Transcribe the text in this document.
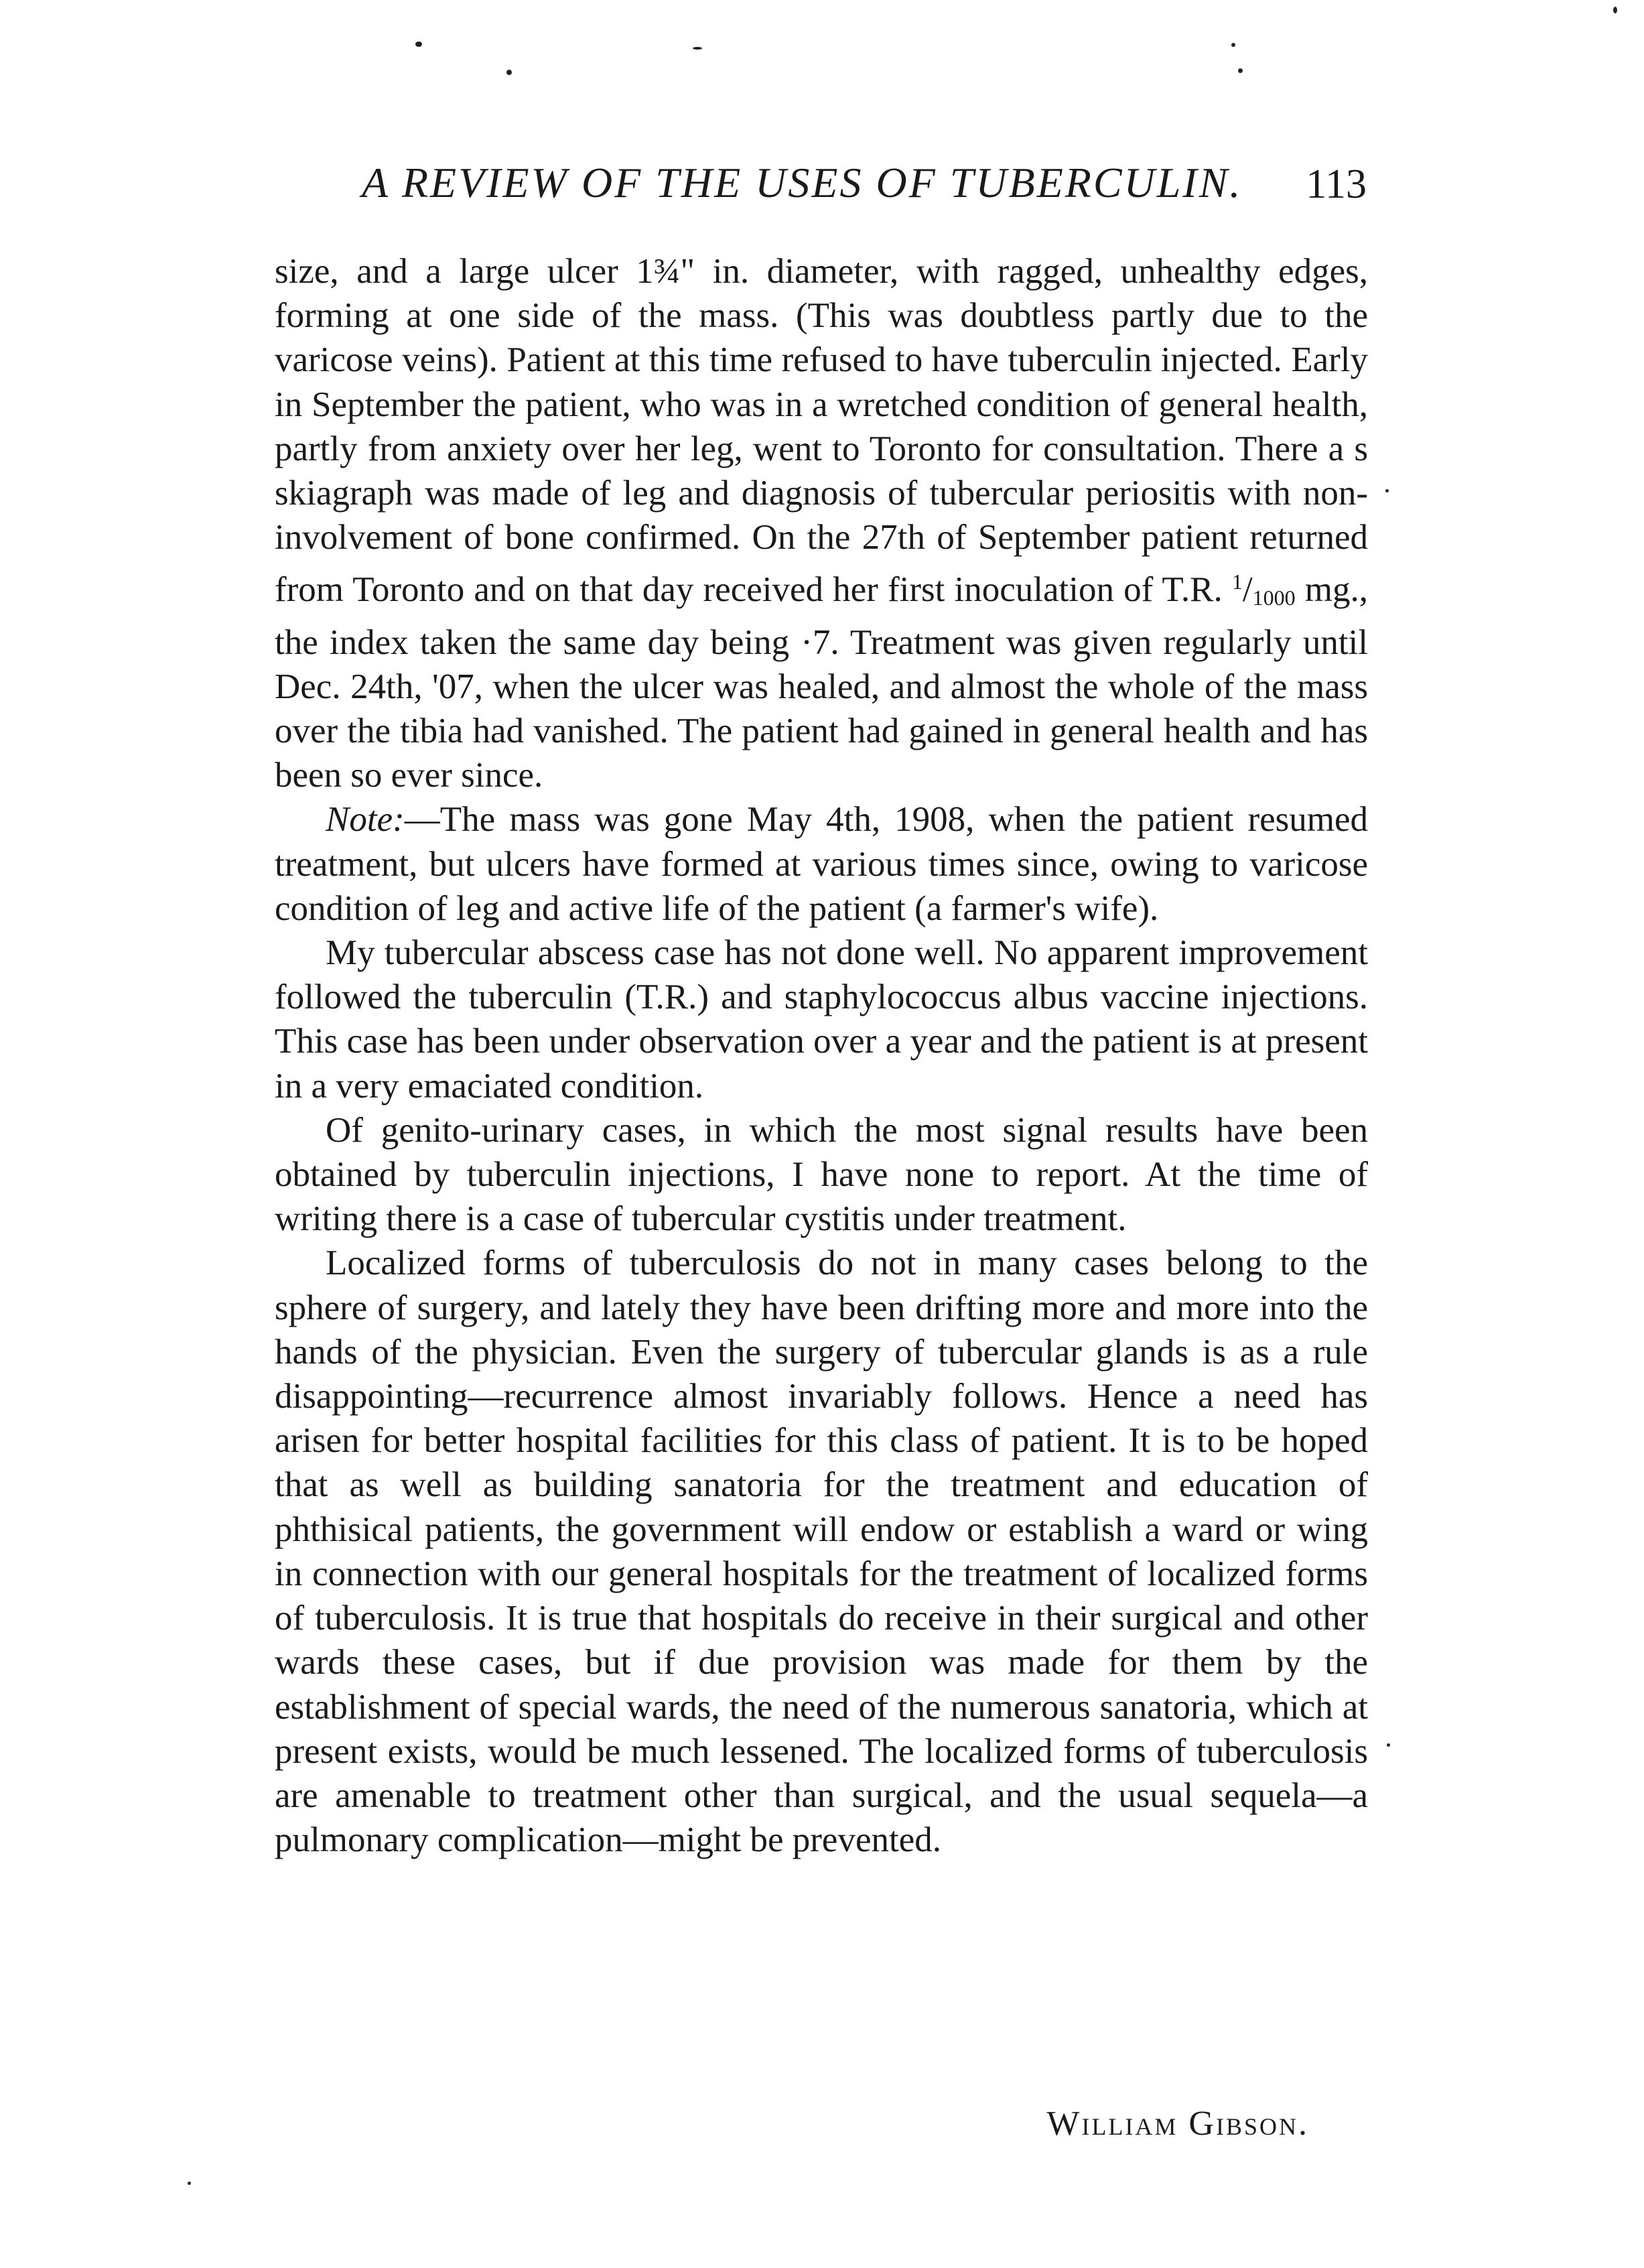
A REVIEW OF THE USES OF TUBERCULIN. 113

size, and a large ulcer 1¾" in. diameter, with ragged, unhealthy edges, forming at one side of the mass. (This was doubtless partly due to the varicose veins). Patient at this time refused to have tuberculin injected. Early in September the patient, who was in a wretched condition of general health, partly from anxiety over her leg, went to Toronto for consultation. There a s skiagraph was made of leg and diagnosis of tubercular periositis with non-involvement of bone confirmed. On the 27th of September patient returned from Toronto and on that day received her first inoculation of T.R. $^1$/1000 mg., the index taken the same day being ·7. Treatment was given regularly until Dec. 24th, '07, when the ulcer was healed, and almost the whole of the mass over the tibia had vanished. The patient had gained in general health and has been so ever since.

Note:—The mass was gone May 4th, 1908, when the patient resumed treatment, but ulcers have formed at various times since, owing to varicose condition of leg and active life of the patient (a farmer's wife).

My tubercular abscess case has not done well. No apparent improvement followed the tuberculin (T.R.) and staphylococcus albus vaccine injections. This case has been under observation over a year and the patient is at present in a very emaciated condition.

Of genito-urinary cases, in which the most signal results have been obtained by tuberculin injections, I have none to report. At the time of writing there is a case of tubercular cystitis under treatment.

Localized forms of tuberculosis do not in many cases belong to the sphere of surgery, and lately they have been drifting more and more into the hands of the physician. Even the surgery of tubercular glands is as a rule disappointing—recurrence almost invariably follows. Hence a need has arisen for better hospital facilities for this class of patient. It is to be hoped that as well as building sanatoria for the treatment and education of phthisical patients, the government will endow or establish a ward or wing in connection with our general hospitals for the treatment of localized forms of tuberculosis. It is true that hospitals do receive in their surgical and other wards these cases, but if due provision was made for them by the establishment of special wards, the need of the numerous sanatoria, which at present exists, would be much lessened. The localized forms of tuberculosis are amenable to treatment other than surgical, and the usual sequela—a pulmonary complication—might be prevented.

William Gibson.
